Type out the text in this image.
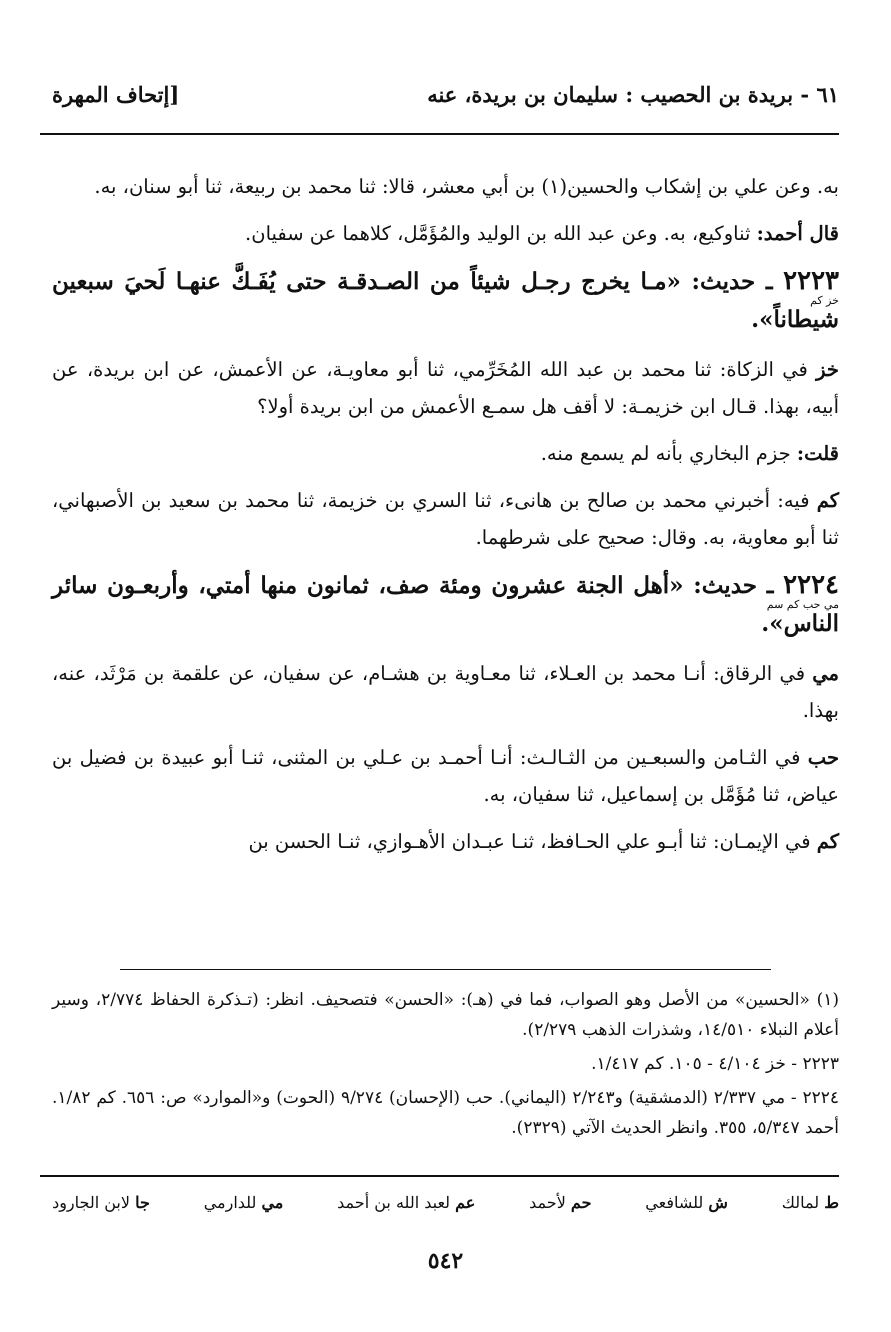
٦١ - بريدة بن الحصيب : سليمان بن بريدة، عنه
[إتحاف المهرة

به. وعن علي بن إشكاب والحسين(١) بن أبي معشر، قالا: ثنا محمد بن ربيعة، ثنا أبو سنان، به.

قال أحمد: ثناوكيع، به. وعن عبد الله بن الوليد والمُؤَمَّل، كلاهما عن سفيان.

٢٢٢٣ ـ حديث: «مـا يخرج رجـل شيئاً من الصـدقـة حتى يُفَـكَّ عنهـا لَحيَ سبعين شيطاناً».
خز كم

خز في الزكاة: ثنا محمد بن عبد الله المُخَرِّمي، ثنا أبو معاويـة، عن الأعمش، عن ابن بريدة، عن أبيه، بهذا. قـال ابن خزيمـة: لا أقف هل سمـع الأعمش من ابن بريدة أولا؟

قلت: جزم البخاري بأنه لم يسمع منه.

كم فيه: أخبرني محمد بن صالح بن هانىء، ثنا السري بن خزيمة، ثنا محمد بن سعيد بن الأصبهاني، ثنا أبو معاوية، به. وقال: صحيح على شرطهما.

٢٢٢٤ ـ حديث: «أهل الجنة عشرون ومئة صف، ثمانون منها أمتي، وأربعـون سائر الناس».
مي حب كم سم

مي في الرقاق: أنـا محمد بن العـلاء، ثنا معـاوية بن هشـام، عن سفيان، عن علقمة بن مَرْثَد، عنه، بهذا.

حب في الثـامن والسبعـين من الثـالـث: أنـا أحمـد بن عـلي بن المثنى، ثنـا أبو عبيدة بن فضيل بن عياض، ثنا مُؤَمَّل بن إسماعيل، ثنا سفيان، به.

كم في الإيمـان: ثنا أبـو علي الحـافظ، ثنـا عبـدان الأهـوازي، ثنـا الحسن بن

(١) «الحسين» من الأصل وهو الصواب، فما في (هـ): «الحسن» فتصحيف. انظر: (تـذكرة الحفاظ ٢/٧٧٤، وسير أعلام النبلاء ١٤/٥١٠، وشذرات الذهب ٢/٢٧٩).

٢٢٢٣ - خز ٤/١٠٤ - ١٠٥. كم ١/٤١٧.

٢٢٢٤ - مي ٢/٣٣٧ (الدمشقية) و٢/٢٤٣ (اليماني). حب (الإحسان) ٩/٢٧٤ (الحوت) و«الموارد» ص: ٦٥٦. كم ١/٨٢. أحمد ٥/٣٤٧، ٣٥٥. وانظر الحديث الآتي (٢٣٢٩).

ط لمالك
ش للشافعي
حم لأحمد
عم لعبد الله بن أحمد
مي للدارمي
جا لابن الجارود
٥٤٢
